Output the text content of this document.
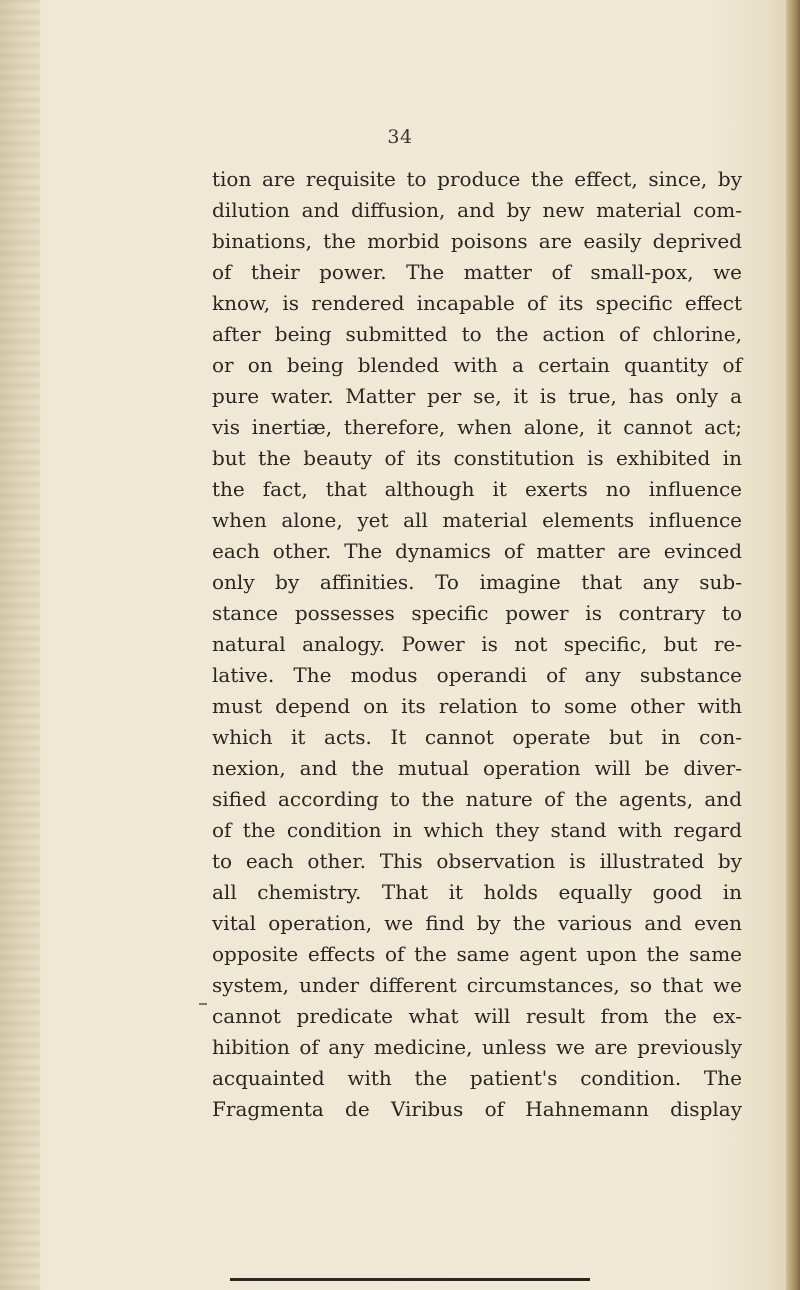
34
tion are requisite to produce the effect, since, by
dilution and diffusion, and by new material com-
binations, the morbid poisons are easily deprived
of their power. The matter of small-pox, we
know, is rendered incapable of its specific effect
after being submitted to the action of chlorine,
or on being blended with a certain quantity of
pure water. Matter per se, it is true, has only a
vis inertiæ, therefore, when alone, it cannot act;
but the beauty of its constitution is exhibited in
the fact, that although it exerts no influence
when alone, yet all material elements influence
each other. The dynamics of matter are evinced
only by affinities. To imagine that any sub-
stance possesses specific power is contrary to
natural analogy. Power is not specific, but re-
lative. The modus operandi of any substance
must depend on its relation to some other with
which it acts. It cannot operate but in con-
nexion, and the mutual operation will be diver-
sified according to the nature of the agents, and
of the condition in which they stand with regard
to each other. This observation is illustrated by
all chemistry. That it holds equally good in
vital operation, we find by the various and even
opposite effects of the same agent upon the same
system, under different circumstances, so that we
cannot predicate what will result from the ex-
hibition of any medicine, unless we are previously
acquainted with the patient's condition. The
Fragmenta de Viribus of Hahnemann display
